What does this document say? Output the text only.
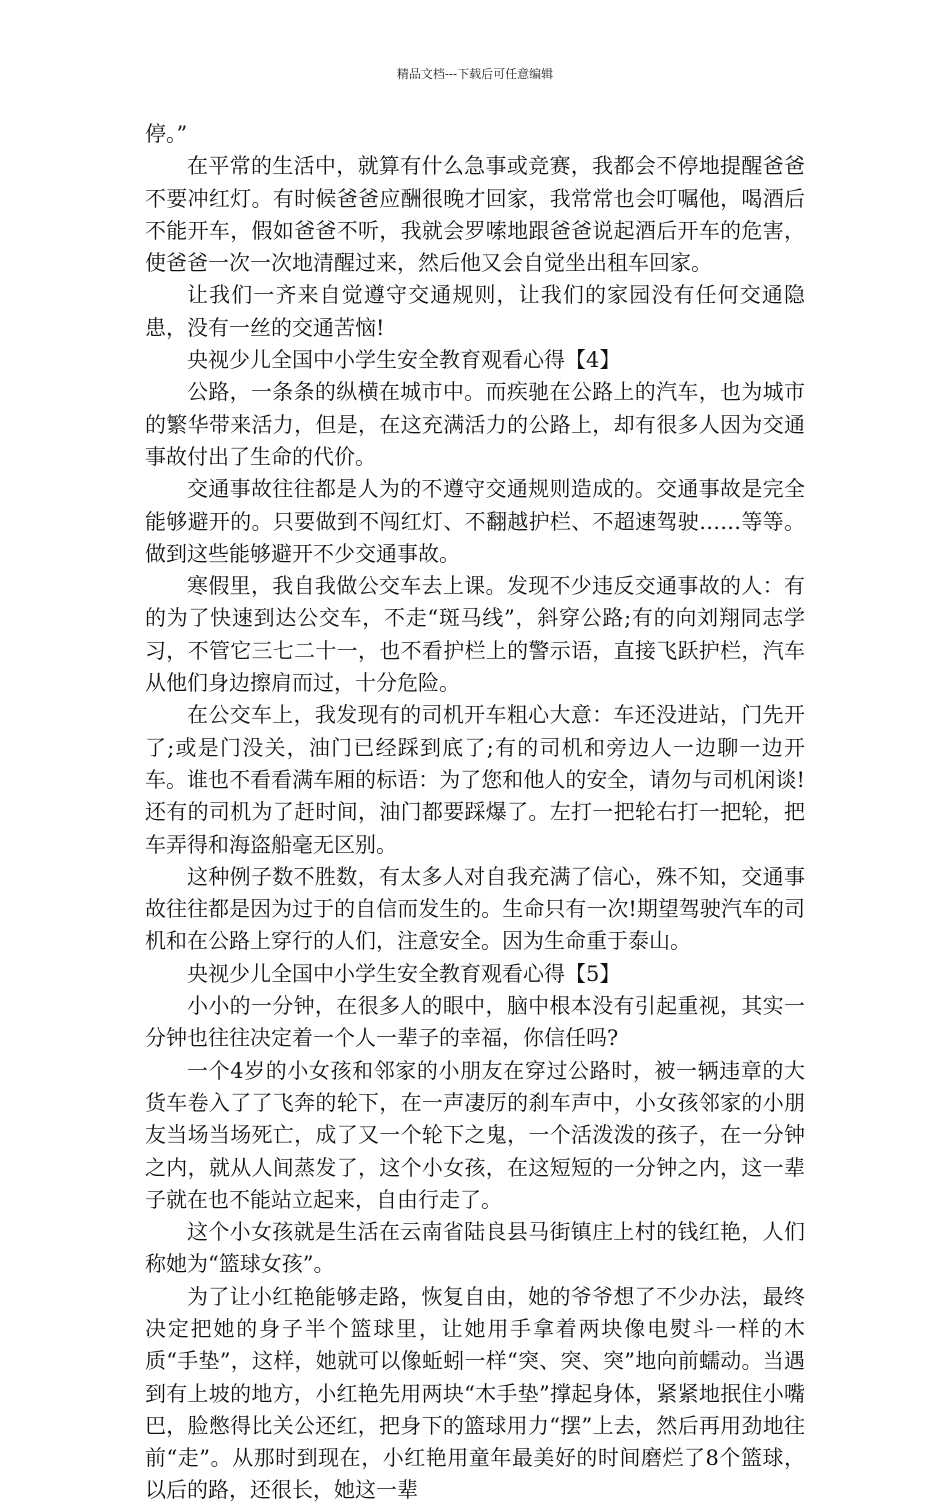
精品文档---下载后可任意编辑

停。”

在平常的生活中，就算有什么急事或竞赛，我都会不停地提醒爸爸不要冲红灯。有时候爸爸应酬很晚才回家，我常常也会叮嘱他，喝酒后不能开车，假如爸爸不听，我就会罗嗦地跟爸爸说起酒后开车的危害，使爸爸一次一次地清醒过来，然后他又会自觉坐出租车回家。

让我们一齐来自觉遵守交通规则，让我们的家园没有任何交通隐患，没有一丝的交通苦恼!

央视少儿全国中小学生安全教育观看心得【4】

公路，一条条的纵横在城市中。而疾驰在公路上的汽车，也为城市的繁华带来活力，但是，在这充满活力的公路上，却有很多人因为交通事故付出了生命的代价。

交通事故往往都是人为的不遵守交通规则造成的。交通事故是完全能够避开的。只要做到不闯红灯、不翻越护栏、不超速驾驶……等等。做到这些能够避开不少交通事故。

寒假里，我自我做公交车去上课。发现不少违反交通事故的人：有的为了快速到达公交车，不走“斑马线”，斜穿公路;有的向刘翔同志学习，不管它三七二十一，也不看护栏上的警示语，直接飞跃护栏，汽车从他们身边擦肩而过，十分危险。

在公交车上，我发现有的司机开车粗心大意：车还没进站，门先开了;或是门没关，油门已经踩到底了;有的司机和旁边人一边聊一边开车。谁也不看看满车厢的标语：为了您和他人的安全，请勿与司机闲谈!还有的司机为了赶时间，油门都要踩爆了。左打一把轮右打一把轮，把车弄得和海盗船毫无区别。

这种例子数不胜数，有太多人对自我充满了信心，殊不知，交通事故往往都是因为过于的自信而发生的。生命只有一次!期望驾驶汽车的司机和在公路上穿行的人们，注意安全。因为生命重于泰山。

央视少儿全国中小学生安全教育观看心得【5】

小小的一分钟，在很多人的眼中，脑中根本没有引起重视，其实一分钟也往往决定着一个人一辈子的幸福，你信任吗?

一个4岁的小女孩和邻家的小朋友在穿过公路时，被一辆违章的大货车卷入了了飞奔的轮下，在一声凄厉的刹车声中，小女孩邻家的小朋友当场当场死亡，成了又一个轮下之鬼，一个活泼泼的孩子，在一分钟之内，就从人间蒸发了，这个小女孩，在这短短的一分钟之内，这一辈子就在也不能站立起来，自由行走了。

这个小女孩就是生活在云南省陆良县马街镇庄上村的钱红艳，人们称她为“篮球女孩”。

为了让小红艳能够走路，恢复自由，她的爷爷想了不少办法，最终决定把她的身子半个篮球里，让她用手拿着两块像电熨斗一样的木质“手垫”，这样，她就可以像蚯蚓一样“突、突、突”地向前蠕动。当遇到有上坡的地方，小红艳先用两块“木手垫”撑起身体，紧紧地抿住小嘴巴，脸憋得比关公还红，把身下的篮球用力“摆”上去，然后再用劲地往前“走”。从那时到现在，小红艳用童年最美好的时间磨烂了8个篮球，以后的路，还很长，她这一辈
